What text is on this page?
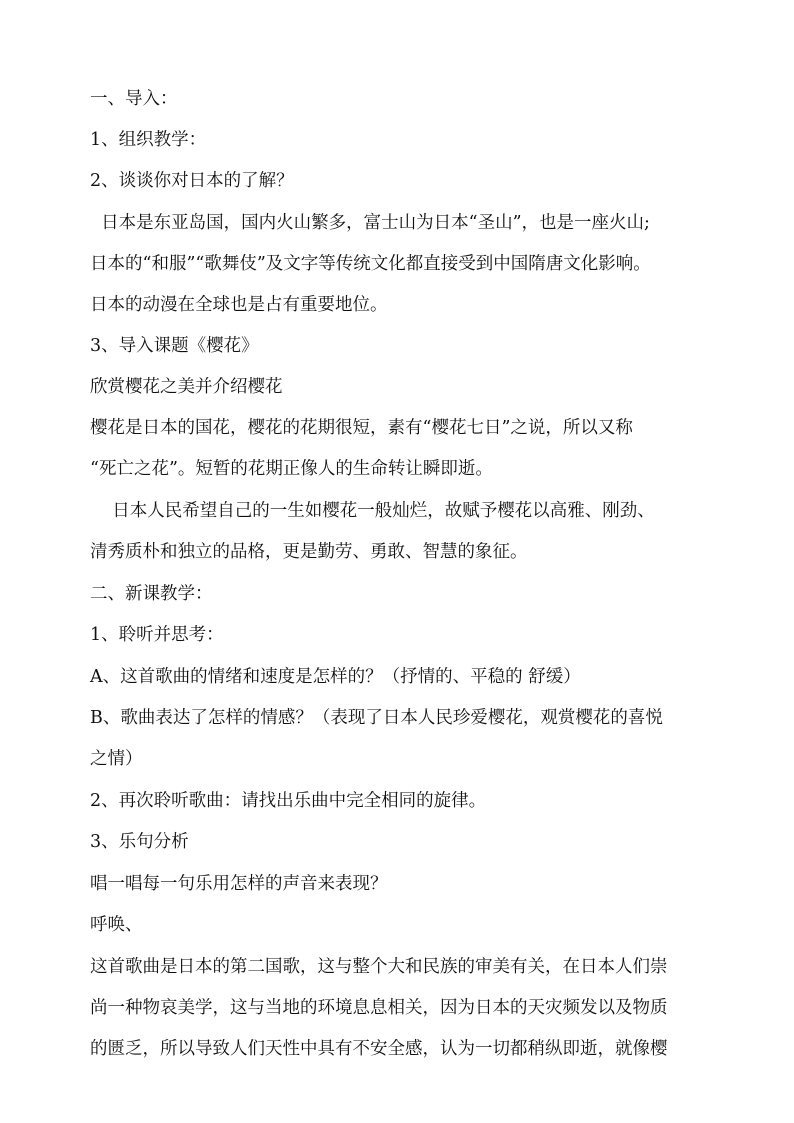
一、导入：

1、组织教学：

2、谈谈你对日本的了解？

日本是东亚岛国，国内火山繁多，富士山为日本“圣山”，也是一座火山;

日本的“和服”“歌舞伎”及文字等传统文化都直接受到中国隋唐文化影响。

日本的动漫在全球也是占有重要地位。

3、导入课题《樱花》

欣赏樱花之美并介绍樱花

樱花是日本的国花，樱花的花期很短，素有“樱花七日”之说，所以又称

“死亡之花”。短暂的花期正像人的生命转让瞬即逝。

日本人民希望自己的一生如樱花一般灿烂，故赋予樱花以高雅、刚劲、

清秀质朴和独立的品格，更是勤劳、勇敢、智慧的象征。

二、新课教学：

1、聆听并思考：

A、这首歌曲的情绪和速度是怎样的？（抒情的、平稳的 舒缓）

B、歌曲表达了怎样的情感？（表现了日本人民珍爱樱花，观赏樱花的喜悦

之情）

2、再次聆听歌曲：请找出乐曲中完全相同的旋律。

3、乐句分析

唱一唱每一句乐用怎样的声音来表现？

呼唤、

这首歌曲是日本的第二国歌，这与整个大和民族的审美有关，在日本人们崇

尚一种物哀美学，这与当地的环境息息相关，因为日本的天灾频发以及物质

的匮乏，所以导致人们天性中具有不安全感，认为一切都稍纵即逝，就像樱
